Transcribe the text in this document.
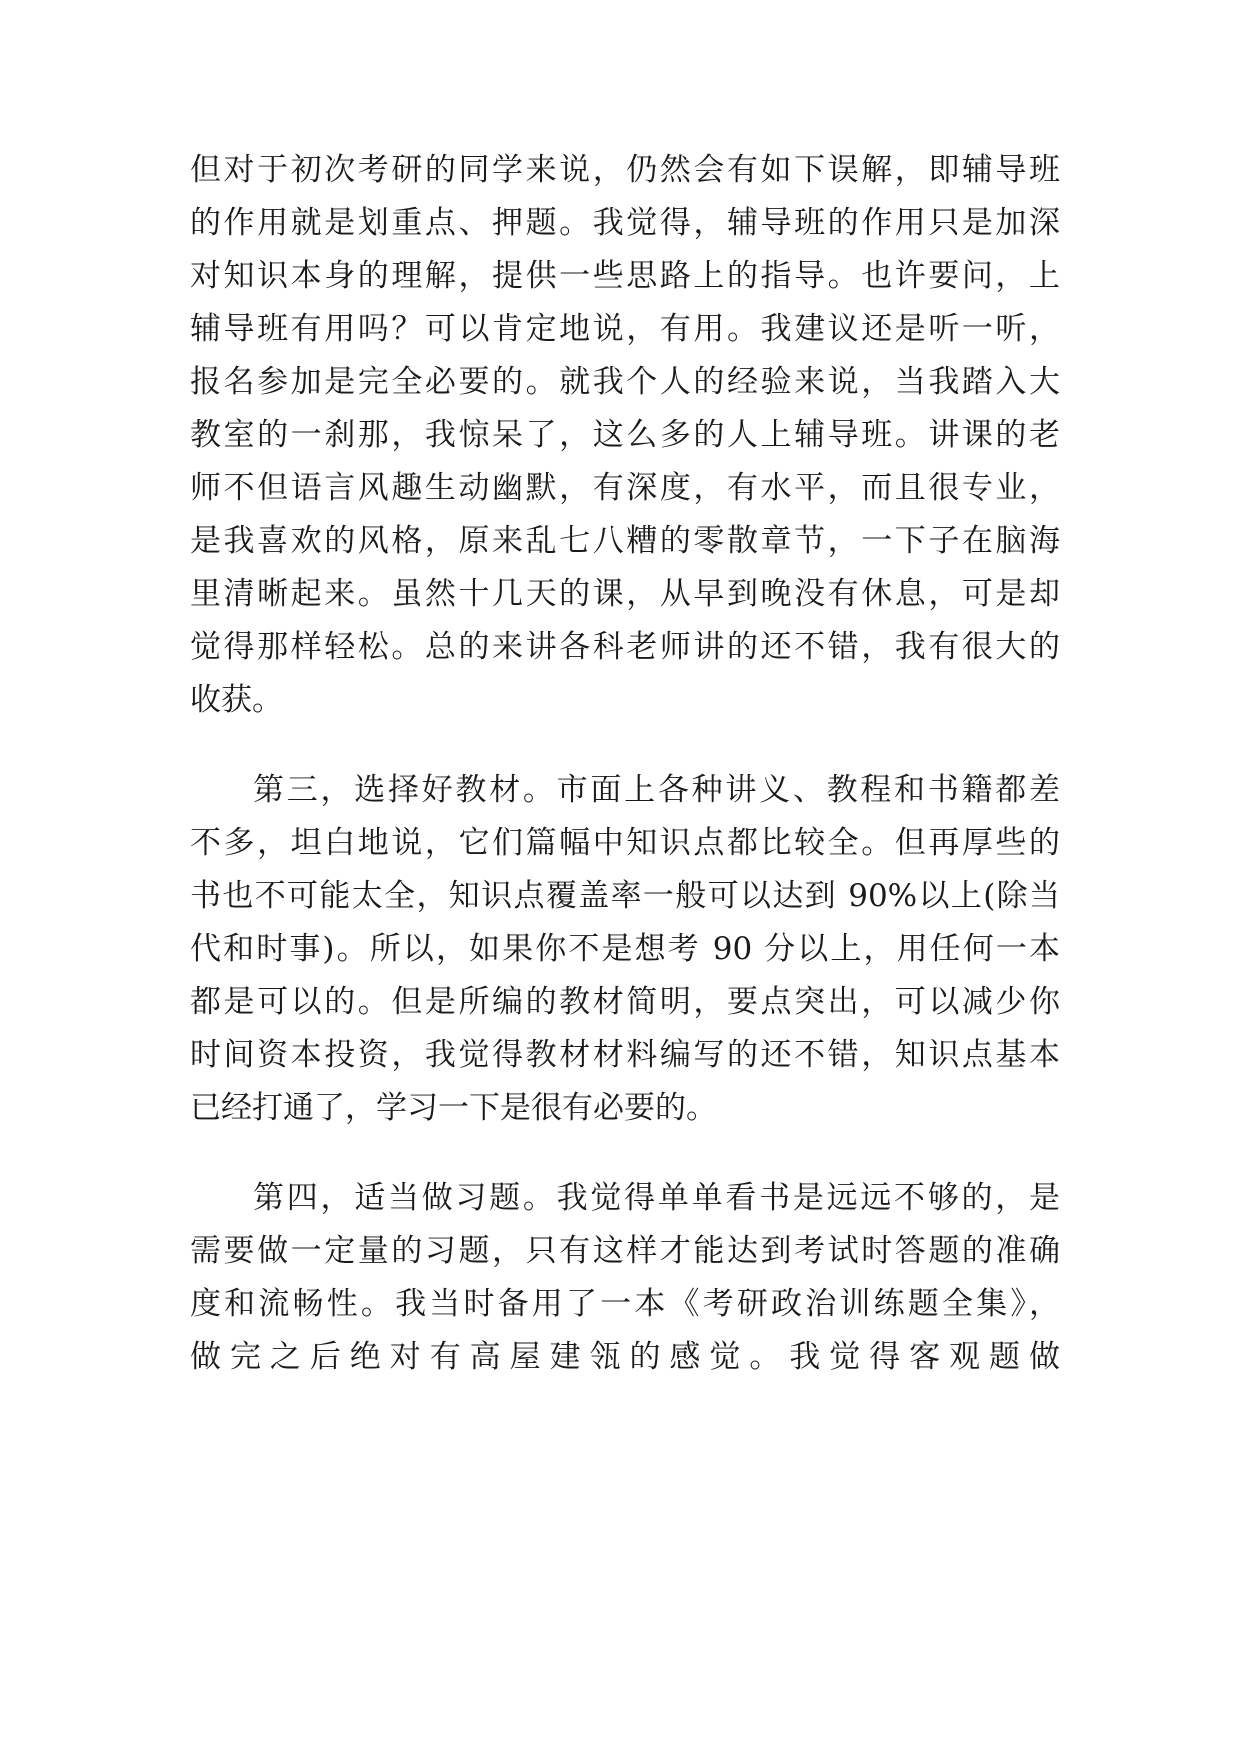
但对于初次考研的同学来说，仍然会有如下误解，即辅导班
的作用就是划重点、押题。我觉得，辅导班的作用只是加深
对知识本身的理解，提供一些思路上的指导。也许要问，上
辅导班有用吗？可以肯定地说，有用。我建议还是听一听，
报名参加是完全必要的。就我个人的经验来说，当我踏入大
教室的一刹那，我惊呆了，这么多的人上辅导班。讲课的老
师不但语言风趣生动幽默，有深度，有水平，而且很专业，
是我喜欢的风格，原来乱七八糟的零散章节，一下子在脑海
里清晰起来。虽然十几天的课，从早到晚没有休息，可是却
觉得那样轻松。总的来讲各科老师讲的还不错，我有很大的
收获。
第三，选择好教材。市面上各种讲义、教程和书籍都差
不多，坦白地说，它们篇幅中知识点都比较全。但再厚些的
书也不可能太全，知识点覆盖率一般可以达到 90%以上(除当
代和时事)。所以，如果你不是想考 90 分以上，用任何一本
都是可以的。但是所编的教材简明，要点突出，可以减少你
时间资本投资，我觉得教材材料编写的还不错，知识点基本
已经打通了，学习一下是很有必要的。
第四，适当做习题。我觉得单单看书是远远不够的，是
需要做一定量的习题，只有这样才能达到考试时答题的准确
度和流畅性。我当时备用了一本《考研政治训练题全集》，
做完之后绝对有高屋建瓴的感觉。我觉得客观题做
